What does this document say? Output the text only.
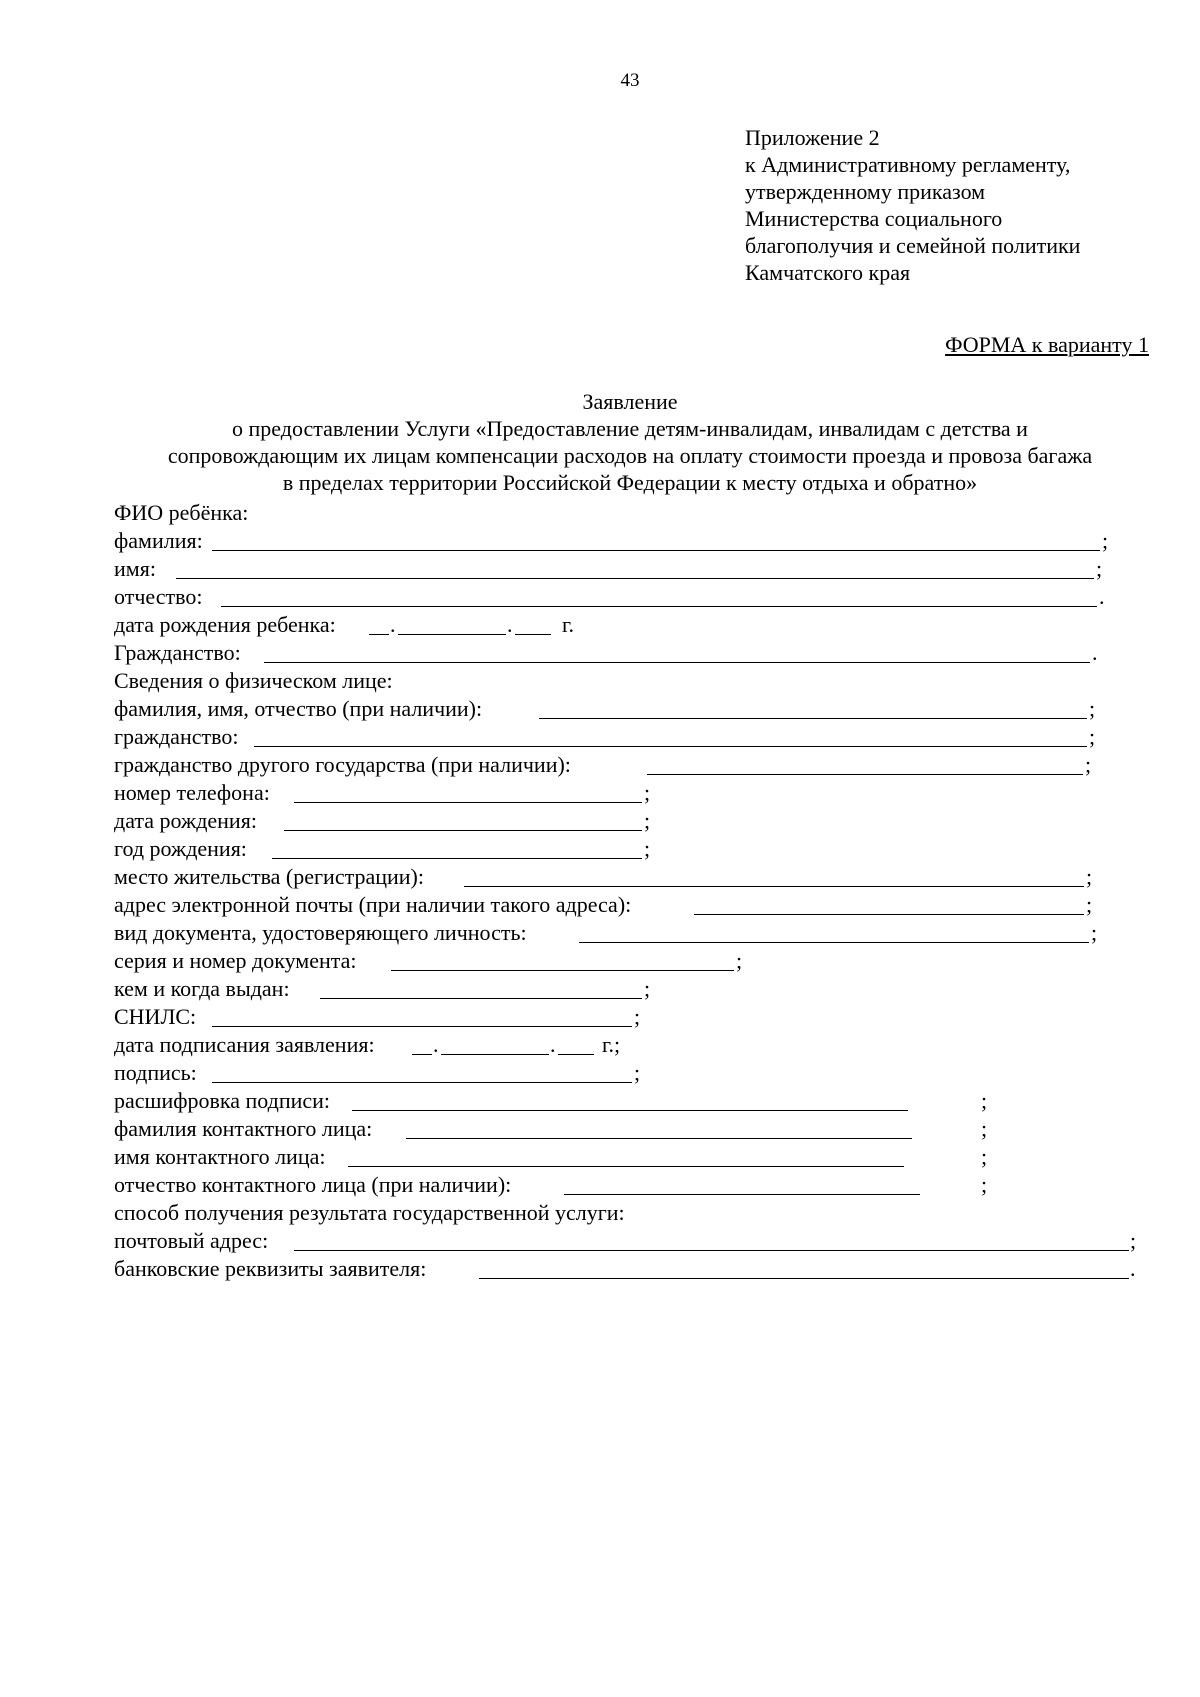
43
Приложение 2
к Административному регламенту,
утвержденному приказом
Министерства социального
благополучия и семейной политики
Камчатского края
ФОРМА к варианту 1
Заявление
о предоставлении Услуги «Предоставление детям-инвалидам, инвалидам с детства и
сопровождающим их лицам компенсации расходов на оплату стоимости проезда и провоза багажа
в пределах территории Российской Федерации к месту отдыха и обратно»
ФИО ребёнка:
фамилия:	;
имя:	;
отчество:	.
дата рождения ребенка: .	. г.
Гражданство:	.
Сведения о физическом лице:
фамилия, имя, отчество (при наличии):	;
гражданство:	;
гражданство другого государства (при наличии):	;
номер телефона:	;
дата рождения:	;
год рождения:	;
место жительства (регистрации):	;
адрес электронной почты (при наличии такого адреса):	;
вид документа, удостоверяющего личность:	;
серия и номер документа:	;
кем и когда выдан:	;
СНИЛС:	;
дата подписания заявления:	.	. г.;
подпись:	;
расшифровка подписи:	;
фамилия контактного лица:	;
имя контактного лица:	;
отчество контактного лица (при наличии):	;
способ получения результата государственной услуги:
почтовый адрес:	;
банковские реквизиты заявителя:	.
